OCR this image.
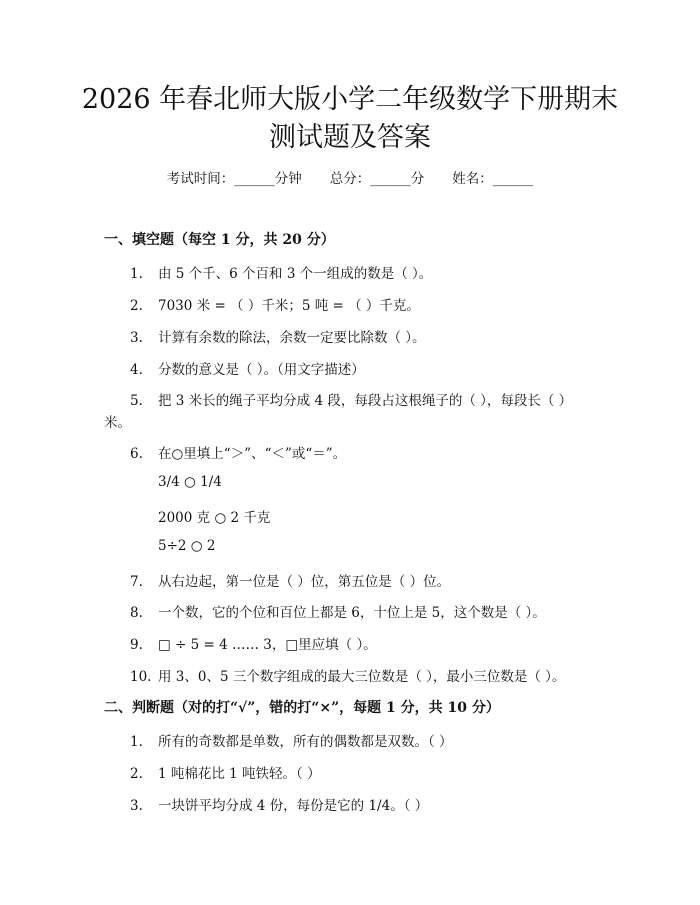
2026 年春北师大版小学二年级数学下册期末
测试题及答案
考试时间：______分钟 总分：______分 姓名：______
一、填空题（每空 1 分，共 20 分）
1. 由 5 个千、6 个百和 3 个一组成的数是（ ）。
2. 7030 米 = （ ）千米；5 吨 = （ ）千克。
3. 计算有余数的除法，余数一定要比除数（ ）。
4. 分数的意义是（ ）。（用文字描述）
5. 把 3 米长的绳子平均分成 4 段，每段占这根绳子的（ ），每段长（ ）
米。
6. 在○里填上“＞”、“＜”或“＝”。
3/4 ○ 1/4
2000 克 ○ 2 千克
5÷2 ○ 2
7. 从右边起，第一位是（ ）位，第五位是（ ）位。
8. 一个数，它的个位和百位上都是 6，十位上是 5，这个数是（ ）。
9. □ ÷ 5 = 4 …… 3，□里应填（ ）。
10. 用 3、0、5 三个数字组成的最大三位数是（ ），最小三位数是（ ）。
二、判断题（对的打“√”，错的打“×”，每题 1 分，共 10 分）
1. 所有的奇数都是单数，所有的偶数都是双数。（ ）
2. 1 吨棉花比 1 吨铁轻。（ ）
3. 一块饼平均分成 4 份，每份是它的 1/4。（ ）
